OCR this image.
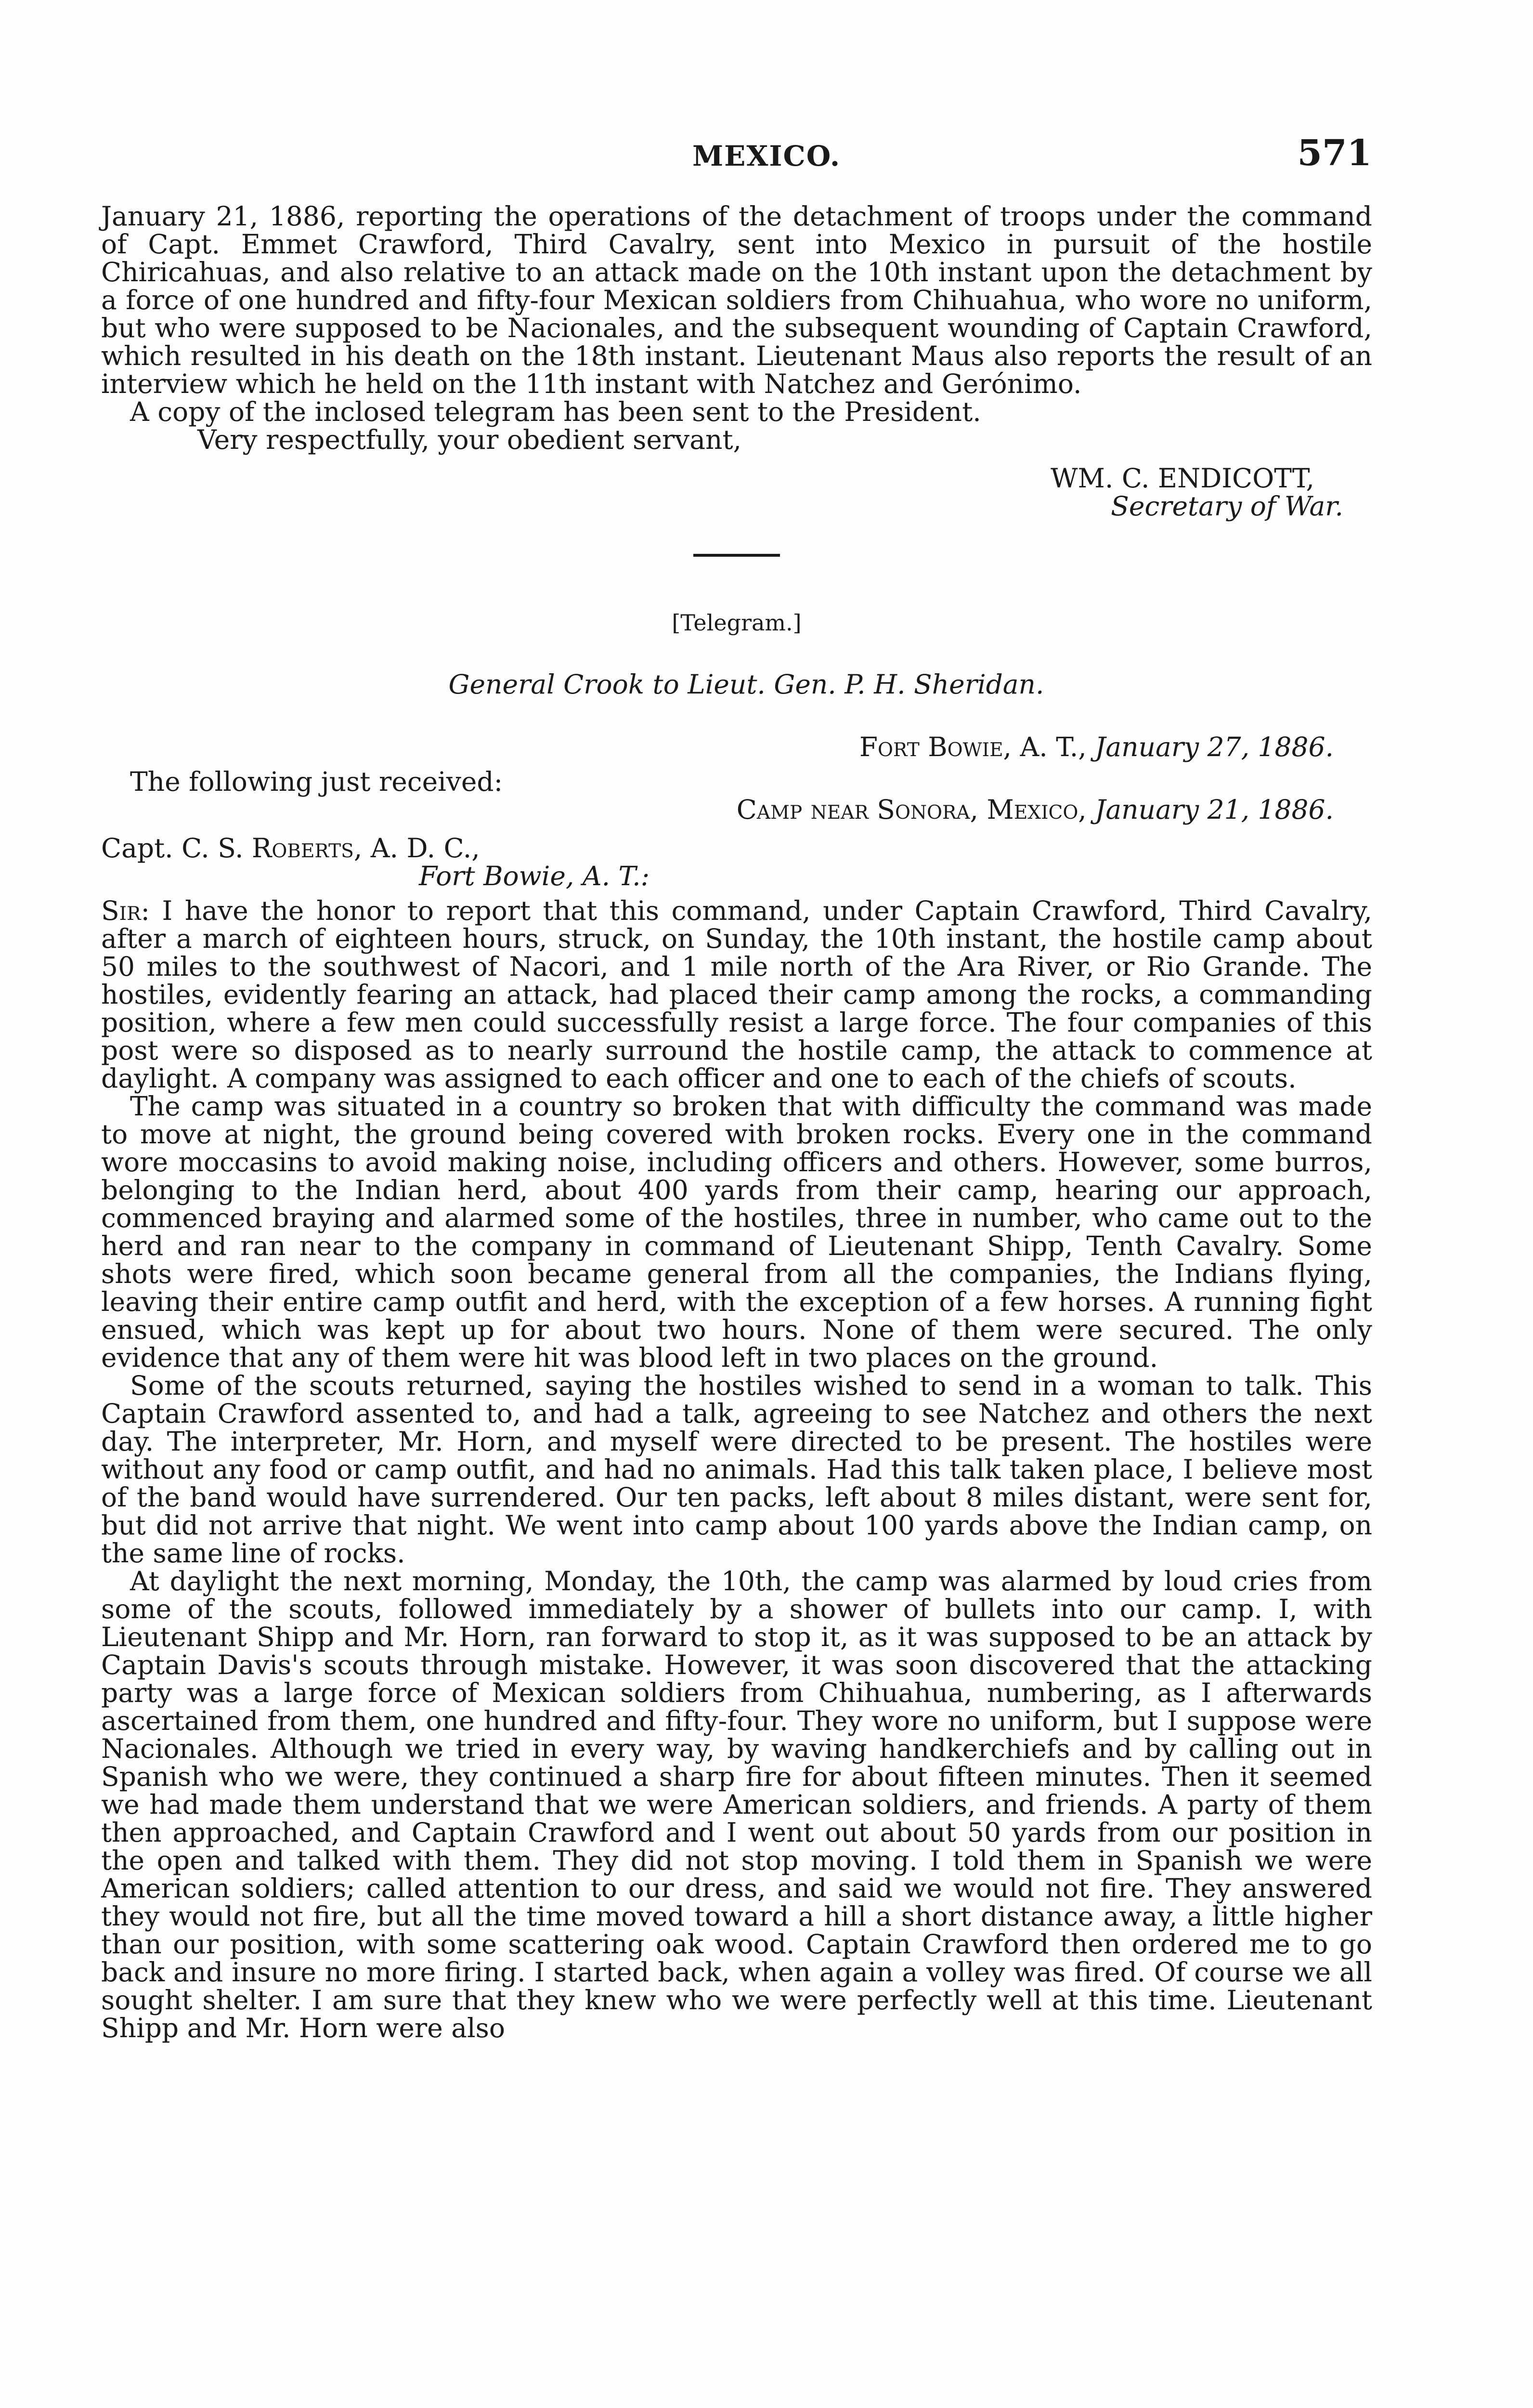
MEXICO.	571

January 21, 1886, reporting the operations of the detachment of troops under the command of Capt. Emmet Crawford, Third Cavalry, sent into Mexico in pursuit of the hostile Chiricahuas, and also relative to an attack made on the 10th instant upon the detachment by a force of one hundred and fifty-four Mexican soldiers from Chihuahua, who wore no uniform, but who were supposed to be Nacionales, and the subsequent wounding of Captain Crawford, which resulted in his death on the 18th instant. Lieutenant Maus also reports the result of an interview which he held on the 11th instant with Natchez and Gerónimo.

A copy of the inclosed telegram has been sent to the President.

Very respectfully, your obedient servant,

WM. C. ENDICOTT,

Secretary of War.

[Telegram.]

General Crook to Lieut. Gen. P. H. Sheridan.

Fort Bowie, A. T., January 27, 1886.

The following just received:

Camp near Sonora, Mexico, January 21, 1886.

Capt. C. S. Roberts, A. D. C.,

Fort Bowie, A. T.:

Sir: I have the honor to report that this command, under Captain Crawford, Third Cavalry, after a march of eighteen hours, struck, on Sunday, the 10th instant, the hostile camp about 50 miles to the southwest of Nacori, and 1 mile north of the Ara River, or Rio Grande. The hostiles, evidently fearing an attack, had placed their camp among the rocks, a commanding position, where a few men could successfully resist a large force. The four companies of this post were so disposed as to nearly surround the hostile camp, the attack to commence at daylight. A company was assigned to each officer and one to each of the chiefs of scouts.

The camp was situated in a country so broken that with difficulty the command was made to move at night, the ground being covered with broken rocks. Every one in the command wore moccasins to avoid making noise, including officers and others. However, some burros, belonging to the Indian herd, about 400 yards from their camp, hearing our approach, commenced braying and alarmed some of the hostiles, three in number, who came out to the herd and ran near to the company in command of Lieutenant Shipp, Tenth Cavalry. Some shots were fired, which soon became general from all the companies, the Indians flying, leaving their entire camp outfit and herd, with the exception of a few horses. A running fight ensued, which was kept up for about two hours. None of them were secured. The only evidence that any of them were hit was blood left in two places on the ground.

Some of the scouts returned, saying the hostiles wished to send in a woman to talk. This Captain Crawford assented to, and had a talk, agreeing to see Natchez and others the next day. The interpreter, Mr. Horn, and myself were directed to be present. The hostiles were without any food or camp outfit, and had no animals. Had this talk taken place, I believe most of the band would have surrendered. Our ten packs, left about 8 miles distant, were sent for, but did not arrive that night. We went into camp about 100 yards above the Indian camp, on the same line of rocks.

At daylight the next morning, Monday, the 10th, the camp was alarmed by loud cries from some of the scouts, followed immediately by a shower of bullets into our camp. I, with Lieutenant Shipp and Mr. Horn, ran forward to stop it, as it was supposed to be an attack by Captain Davis's scouts through mistake. However, it was soon discovered that the attacking party was a large force of Mexican soldiers from Chihuahua, numbering, as I afterwards ascertained from them, one hundred and fifty-four. They wore no uniform, but I suppose were Nacionales. Although we tried in every way, by waving handkerchiefs and by calling out in Spanish who we were, they continued a sharp fire for about fifteen minutes. Then it seemed we had made them understand that we were American soldiers, and friends. A party of them then approached, and Captain Crawford and I went out about 50 yards from our position in the open and talked with them. They did not stop moving. I told them in Spanish we were American soldiers; called attention to our dress, and said we would not fire. They answered they would not fire, but all the time moved toward a hill a short distance away, a little higher than our position, with some scattering oak wood. Captain Crawford then ordered me to go back and insure no more firing. I started back, when again a volley was fired. Of course we all sought shelter. I am sure that they knew who we were perfectly well at this time. Lieutenant Shipp and Mr. Horn were also
